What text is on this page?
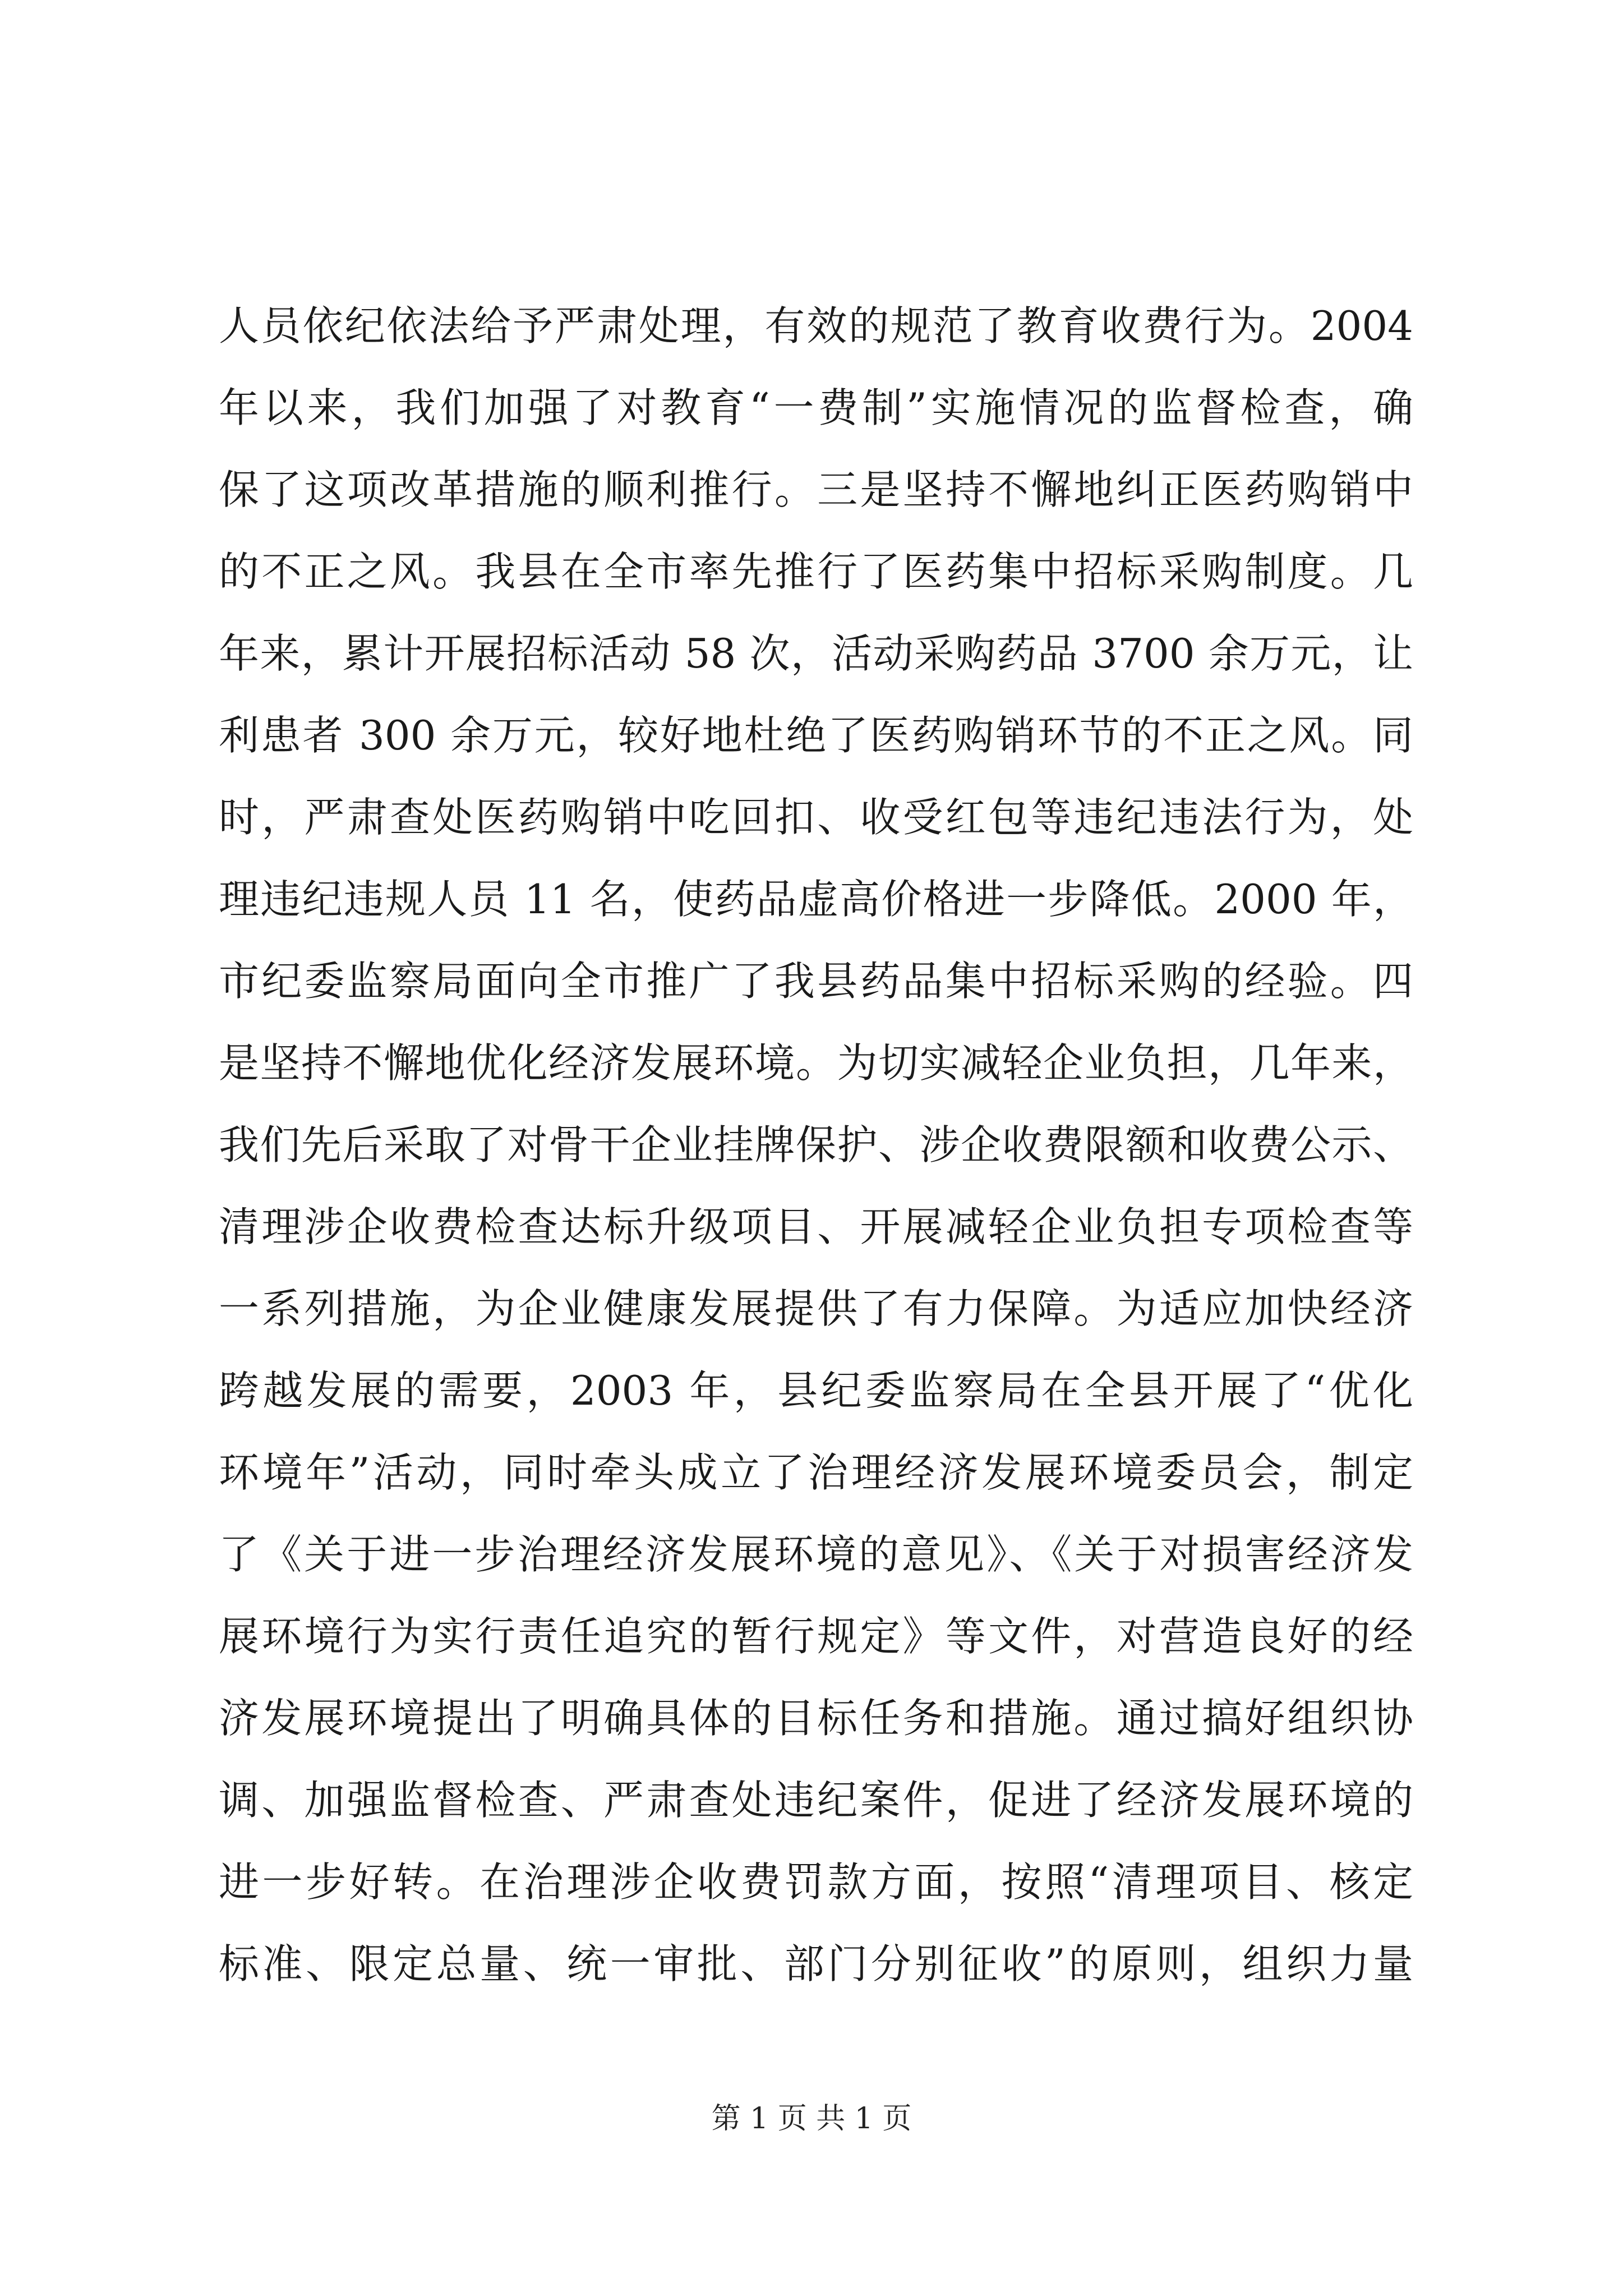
人员依纪依法给予严肃处理，有效的规范了教育收费行为。2004
年以来，我们加强了对教育“一费制”实施情况的监督检查，确
保了这项改革措施的顺利推行。三是坚持不懈地纠正医药购销中
的不正之风。我县在全市率先推行了医药集中招标采购制度。几
年来，累计开展招标活动 58 次，活动采购药品 3700 余万元，让
利患者 300 余万元，较好地杜绝了医药购销环节的不正之风。同
时，严肃查处医药购销中吃回扣、收受红包等违纪违法行为，处
理违纪违规人员 11 名，使药品虚高价格进一步降低。2000 年，
市纪委监察局面向全市推广了我县药品集中招标采购的经验。四
是坚持不懈地优化经济发展环境。为切实减轻企业负担，几年来，
我们先后采取了对骨干企业挂牌保护、涉企收费限额和收费公示、
清理涉企收费检查达标升级项目、开展减轻企业负担专项检查等
一系列措施，为企业健康发展提供了有力保障。为适应加快经济
跨越发展的需要，2003 年，县纪委监察局在全县开展了“优化
环境年”活动，同时牵头成立了治理经济发展环境委员会，制定
了《关于进一步治理经济发展环境的意见》、《关于对损害经济发
展环境行为实行责任追究的暂行规定》等文件，对营造良好的经
济发展环境提出了明确具体的目标任务和措施。通过搞好组织协
调、加强监督检查、严肃查处违纪案件，促进了经济发展环境的
进一步好转。在治理涉企收费罚款方面，按照“清理项目、核定
标准、限定总量、统一审批、部门分别征收”的原则，组织力量
第 1 页 共 1 页
